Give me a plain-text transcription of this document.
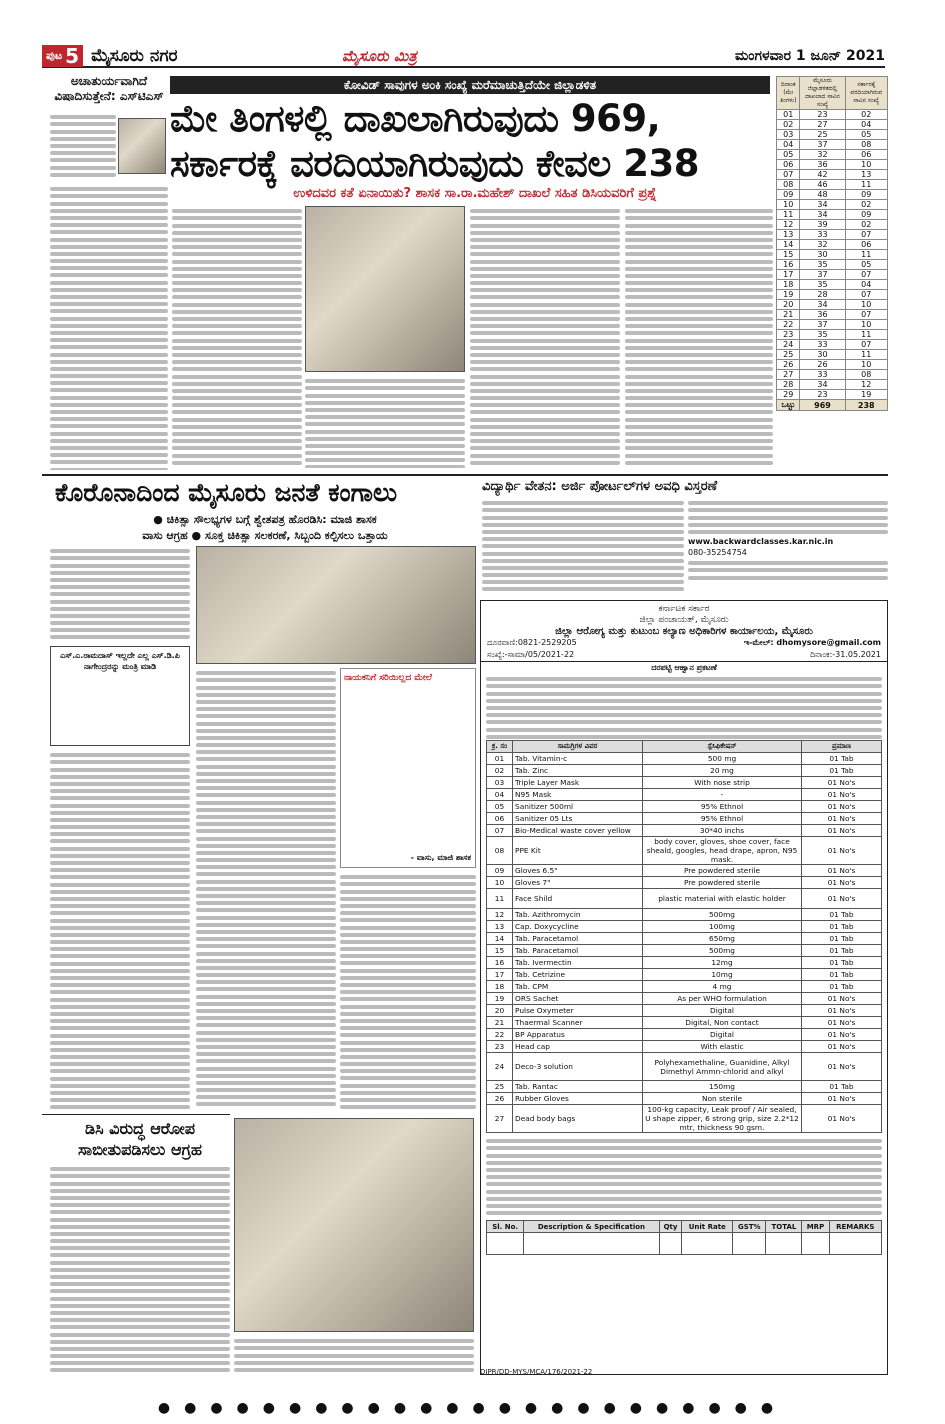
ಪುಟ 5 ಮೈಸೂರು ನಗರ	ಮೈಸೂರು ಮಿತ್ರ	ಮಂಗಳವಾರ 1 ಜೂನ್ 2021
ಅಚಾತುರ್ಯವಾಗಿದೆ ವಿಷಾದಿಸುತ್ತೇನೆ: ಎಸ್‌ಟಿಎಸ್
ಕೋವಿಡ್ ಸಾವುಗಳ ಅಂಕಿ ಸಂಖ್ಯೆ ಮರೆಮಾಚುತ್ತಿದೆಯೇ ಜಿಲ್ಲಾಡಳಿತ
ಮೇ ತಿಂಗಳಲ್ಲಿ ದಾಖಲಾಗಿರುವುದು 969,
ಸರ್ಕಾರಕ್ಕೆ ವರದಿಯಾಗಿರುವುದು ಕೇವಲ 238
ಉಳಿದವರ ಕತೆ ಏನಾಯಿತು? ಶಾಸಕ ಸಾ.ರಾ.ಮಹೇಶ್ ದಾಖಲೆ ಸಹಿತ ಡಿಸಿಯವರಿಗೆ ಪ್ರಶ್ನೆ
ದಿನಾಂಕ (ಮೇ ತಿಂಗಳು)	ಮೈಸೂರು ಜಿಲ್ಲಾಡಳಿತದಲ್ಲಿ ದಾಖಲಾದ ಸಾವಿನ ಸಂಖ್ಯೆ	ಸರ್ಕಾರಕ್ಕೆ ವರದಿಯಾಗಿರುವ ಸಾವಿನ ಸಂಖ್ಯೆ
01	23	02
02	27	04
03	25	05
04	37	08
05	32	06
06	36	10
07	42	13
08	46	11
09	48	09
10	34	02
11	34	09
12	39	02
13	33	07
14	32	06
15	30	11
16	35	05
17	37	07
18	35	04
19	28	07
20	34	10
21	36	07
22	37	10
23	35	11
24	33	07
25	30	11
26	26	10
27	33	08
28	34	12
29	23	19
ಒಟ್ಟು	969	238
ಕೊರೊನಾದಿಂದ ಮೈಸೂರು ಜನತೆ ಕಂಗಾಲು
● ಚಿಕಿತ್ಸಾ ಸೌಲಭ್ಯಗಳ ಬಗ್ಗೆ ಶ್ವೇತಪತ್ರ ಹೊರಡಿಸಿ: ಮಾಜಿ ಶಾಸಕ
ವಾಸು ಆಗ್ರಹ ● ಸೂಕ್ತ ಚಿಕಿತ್ಸಾ ಸಲಕರಣೆ, ಸಿಬ್ಬಂದಿ ಕಲ್ಪಿಸಲು ಒತ್ತಾಯ
ಎಸ್.ಎ.ರಾಮದಾಸ್ ಇಲ್ಲದೇ ಎಲ್ಲ ಎಸ್.ಡಿ.ಪಿ ನಾಗೇಂದ್ರರನ್ನು ಮಂತ್ರಿ ಮಾಡಿ
ನಾಯಕನಿಗೆ ಸರಿಯಿಲ್ಲದ ಮೇಲೆ
- ವಾಸು, ಮಾಜಿ ಶಾಸಕ
ಡಿಸಿ ವಿರುದ್ಧ ಆರೋಪ
ಸಾಬೀತುಪಡಿಸಲು ಆಗ್ರಹ
ವಿದ್ಯಾರ್ಥಿ ವೇತನ: ಅರ್ಜಿ ಪೋರ್ಟಲ್‌ಗಳ ಅವಧಿ ವಿಸ್ತರಣೆ
www.backwardclasses.kar.nic.in
080-35254754
ಕರ್ನಾಟಕ ಸರ್ಕಾರ
ಜಿಲ್ಲಾ ಪಂಚಾಯತ್, ಮೈಸೂರು
ಜಿಲ್ಲಾ ಆರೋಗ್ಯ ಮತ್ತು ಕುಟುಂಬ ಕಲ್ಯಾಣ ಅಧಿಕಾರಿಗಳ ಕಾರ್ಯಾಲಯ, ಮೈಸೂರು
ದೂರವಾಣಿ:0821-2529205	ಇ-ಮೇಲ್: dhomysore@gmail.com
ಸಂಖ್ಯೆ:-ಸಾಮಾ/05/2021-22	ದಿನಾಂಕ:-31.05.2021
ದರಪಟ್ಟಿ ಆಹ್ವಾನ ಪ್ರಕಟಣೆ
ಕ್ರ. ಸಂ	ಸಾಮಗ್ರಿಗಳ ವಿವರ	ಸ್ಪೆಸಿಫಿಕೇಷನ್	ಪ್ರಮಾಣ
01	Tab. Vitamin-c	500 mg	01 Tab
02	Tab. Zinc	20 mg	01 Tab
03	Triple Layer Mask	With nose strip	01 No's
04	N95 Mask	-	01 No's
05	Sanitizer 500ml	95% Ethnol	01 No's
06	Sanitizer 05 Lts	95% Ethnol	01 No's
07	Bio-Medical waste cover yellow	30*40 inchs	01 No's
08	PPE Kit	body cover, gloves, shoe cover, face sheald, googles, head drape, apron, N95 mask.	01 No's
09	Gloves 6.5"	Pre powdered sterile	01 No's
10	Gloves 7"	Pre powdered sterile	01 No's
11	Face Shild	plastic material with elastic holder	01 No's
12	Tab. Azithromycin	500mg	01 Tab
13	Cap. Doxycycline	100mg	01 Tab
14	Tab. Paracetamol	650mg	01 Tab
15	Tab. Paracetamol	500mg	01 Tab
16	Tab. Ivermectin	12mg	01 Tab
17	Tab. Cetrizine	10mg	01 Tab
18	Tab. CPM	4 mg	01 Tab
19	ORS Sachet	As per WHO formulation	01 No's
20	Pulse Oxymeter	Digital	01 No's
21	Thaermal Scanner	Digital, Non contact	01 No's
22	BP Apparatus	Digital	01 No's
23	Head cap	With elastic	01 No's
24	Deco-3 solution	Polyhexamethaline, Guanidine, Alkyl Dimethyl Ammn-chlorid and alkyl	01 No's
25	Tab. Rantac	150mg	01 Tab
26	Rubber Gloves	Non sterile	01 No's
27	Dead body bags	100-kg capacity, Leak proof / Air sealed, U shape zipper, 6 strong grip, size 2.2*12 mtr, thickness 90 gsm.	01 No's
Sl. No.	Description & Specification	Qty	Unit Rate	GST%	TOTAL	MRP	REMARKS

DIPR/DD-MYS/MCA/176/2021-22
●●●●●●●●●●●●●●●●●●●●●●●●
